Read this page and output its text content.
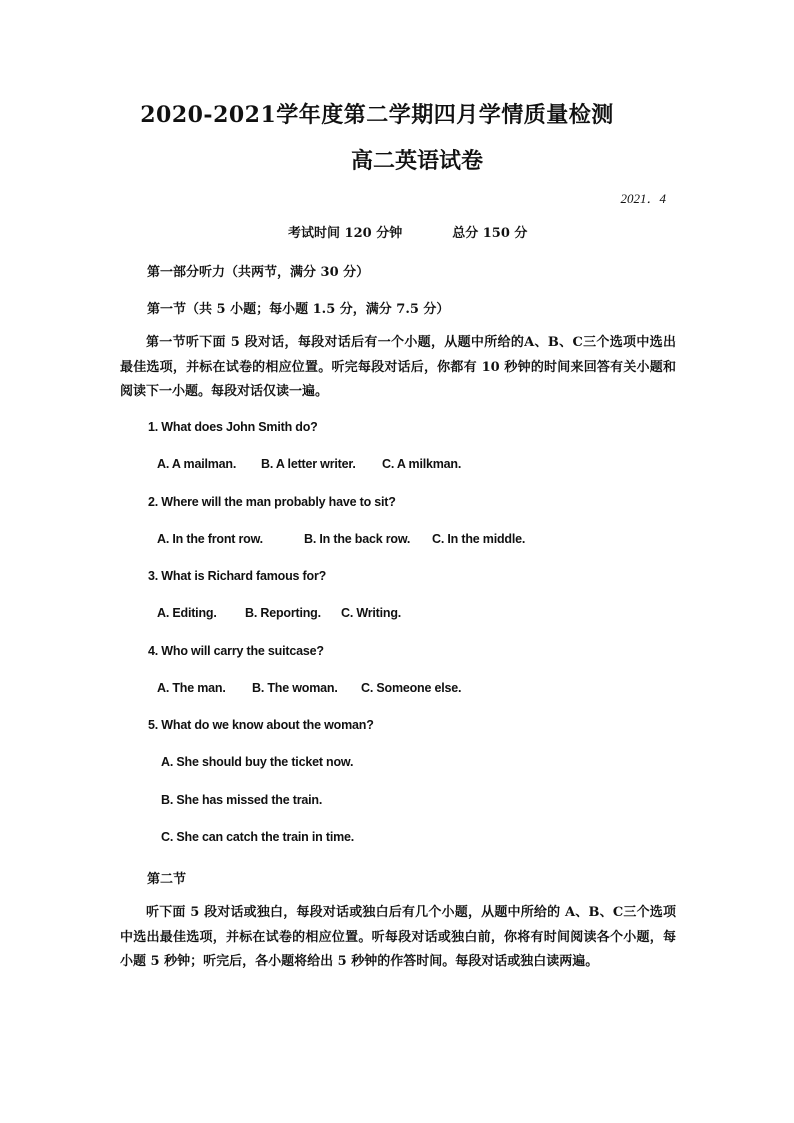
2020-2021学年度第二学期四月学情质量检测
高二英语试卷
2021．4
考试时间 120 分钟	总分 150 分
第一部分听力（共两节，满分 30 分）
第一节（共 5 小题；每小题 1.5 分，满分 7.5 分）
第一节听下面 5 段对话，每段对话后有一个小题，从题中所给的A、B、C三个选项中选出最佳选项，并标在试卷的相应位置。听完每段对话后，你都有 10 秒钟的时间来回答有关小题和阅读下一小题。每段对话仅读一遍。
1. What does John Smith do?
A. A mailman. B. A letter writer. C. A milkman.
2. Where will the man probably have to sit?
A. In the front row.	B. In the back row. C. In the middle.
3. What is Richard famous for?
A. Editing. B. Reporting. C. Writing.
4. Who will carry the suitcase?
A. The man. B. The woman. C. Someone else.
5. What do we know about the woman?
A. She should buy the ticket now.
B. She has missed the train.
C. She can catch the train in time.
第二节
听下面 5 段对话或独白，每段对话或独白后有几个小题，从题中所给的 A、B、C三个选项中选出最佳选项，并标在试卷的相应位置。听每段对话或独白前，你将有时间阅读各个小题，每小题 5 秒钟；听完后，各小题将给出 5 秒钟的作答时间。每段对话或独白读两遍。
